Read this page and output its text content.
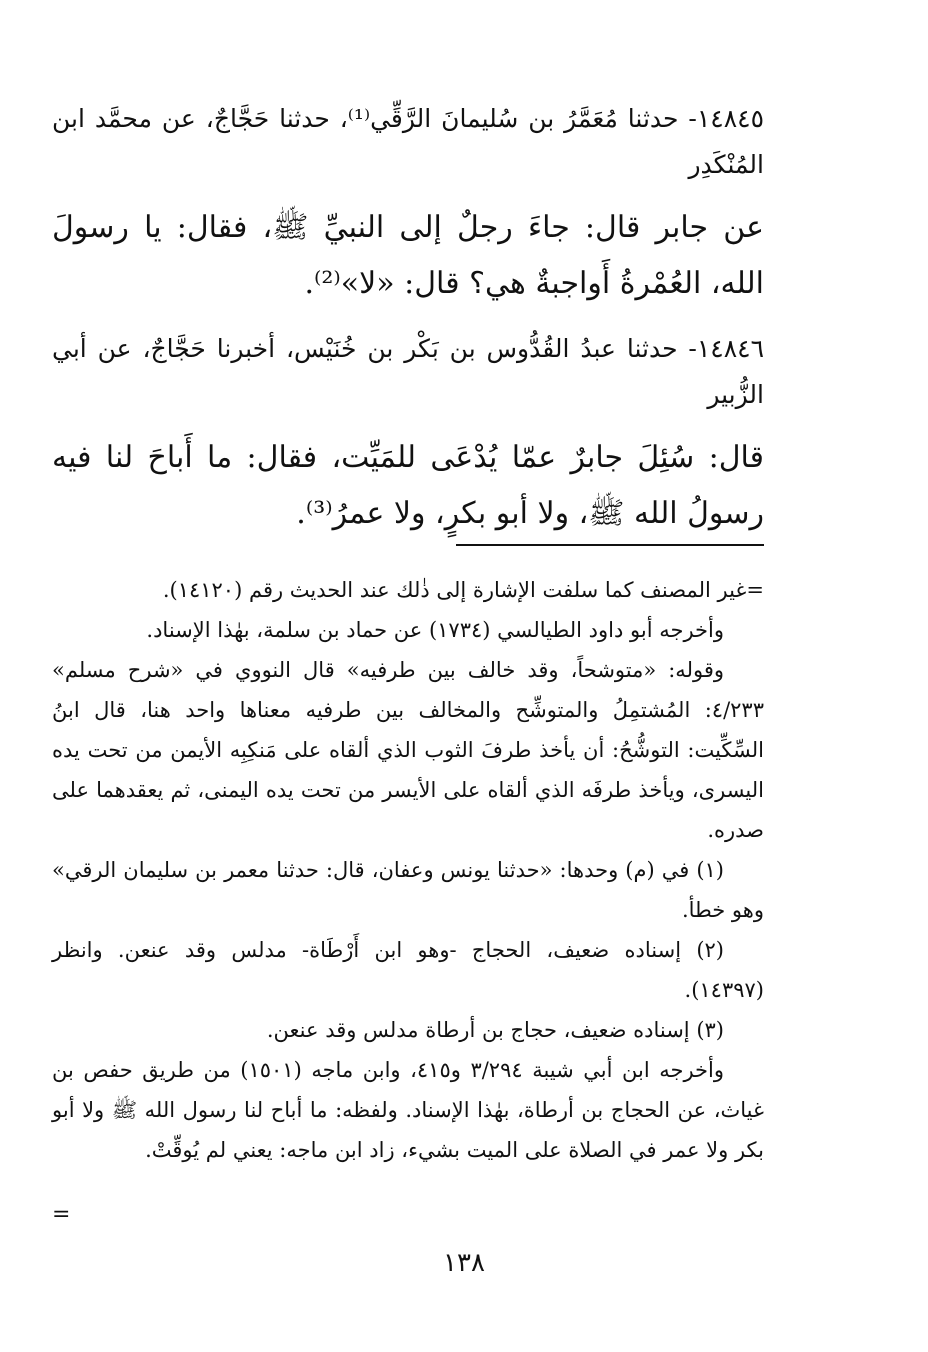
١٤٨٤٥- حدثنا مُعَمَّرُ بن سُليمانَ الرَّقِّي⁽¹⁾، حدثنا حَجَّاجٌ، عن محمَّد ابن المُنْكَدِر

عن جابر قال: جاءَ رجلٌ إلى النبيِّ ﷺ، فقال: يا رسولَ الله، العُمْرةُ أَواجبةٌ هي؟ قال: «لا»⁽²⁾.

١٤٨٤٦- حدثنا عبدُ القُدُّوس بن بَكْر بن خُنَيْس، أخبرنا حَجَّاجٌ، عن أبي الزُّبير

قال: سُئِلَ جابرٌ عمّا يُدْعَى للمَيِّت، فقال: ما أَباحَ لنا فيه رسولُ الله ﷺ، ولا أبو بكرٍ، ولا عمرُ⁽³⁾.

=غير المصنف كما سلفت الإشارة إلى ذٰلك عند الحديث رقم (١٤١٢٠).

وأخرجه أبو داود الطيالسي (١٧٣٤) عن حماد بن سلمة، بهٰذا الإسناد.

وقوله: «متوشحاً، وقد خالف بين طرفيه» قال النووي في «شرح مسلم» ٤/٢٣٣: المُشتمِلُ والمتوشِّح والمخالف بين طرفيه معناها واحد هنا، قال ابنُ السِّكِّيت: التوشُّحُ: أن يأخذ طرفَ الثوب الذي ألقاه على مَنكِبِه الأيمن من تحت يده اليسرى، ويأخذ طرفَه الذي ألقاه على الأيسر من تحت يده اليمنى، ثم يعقدهما على صدره.

(١) في (م) وحدها: «حدثنا يونس وعفان، قال: حدثنا معمر بن سليمان الرقي» وهو خطأ.

(٢) إسناده ضعيف، الحجاج -وهو ابن أَرْطَاة- مدلس وقد عنعن. وانظر (١٤٣٩٧).

(٣) إسناده ضعيف، حجاج بن أرطاة مدلس وقد عنعن.

وأخرجه ابن أبي شيبة ٣/٢٩٤ و٤١٥، وابن ماجه (١٥٠١) من طريق حفص بن غياث، عن الحجاج بن أرطاة، بهٰذا الإسناد. ولفظه: ما أباح لنا رسول الله ﷺ ولا أبو بكر ولا عمر في الصلاة على الميت بشيء، زاد ابن ماجه: يعني لم يُوقِّتْ.

=
١٣٨
